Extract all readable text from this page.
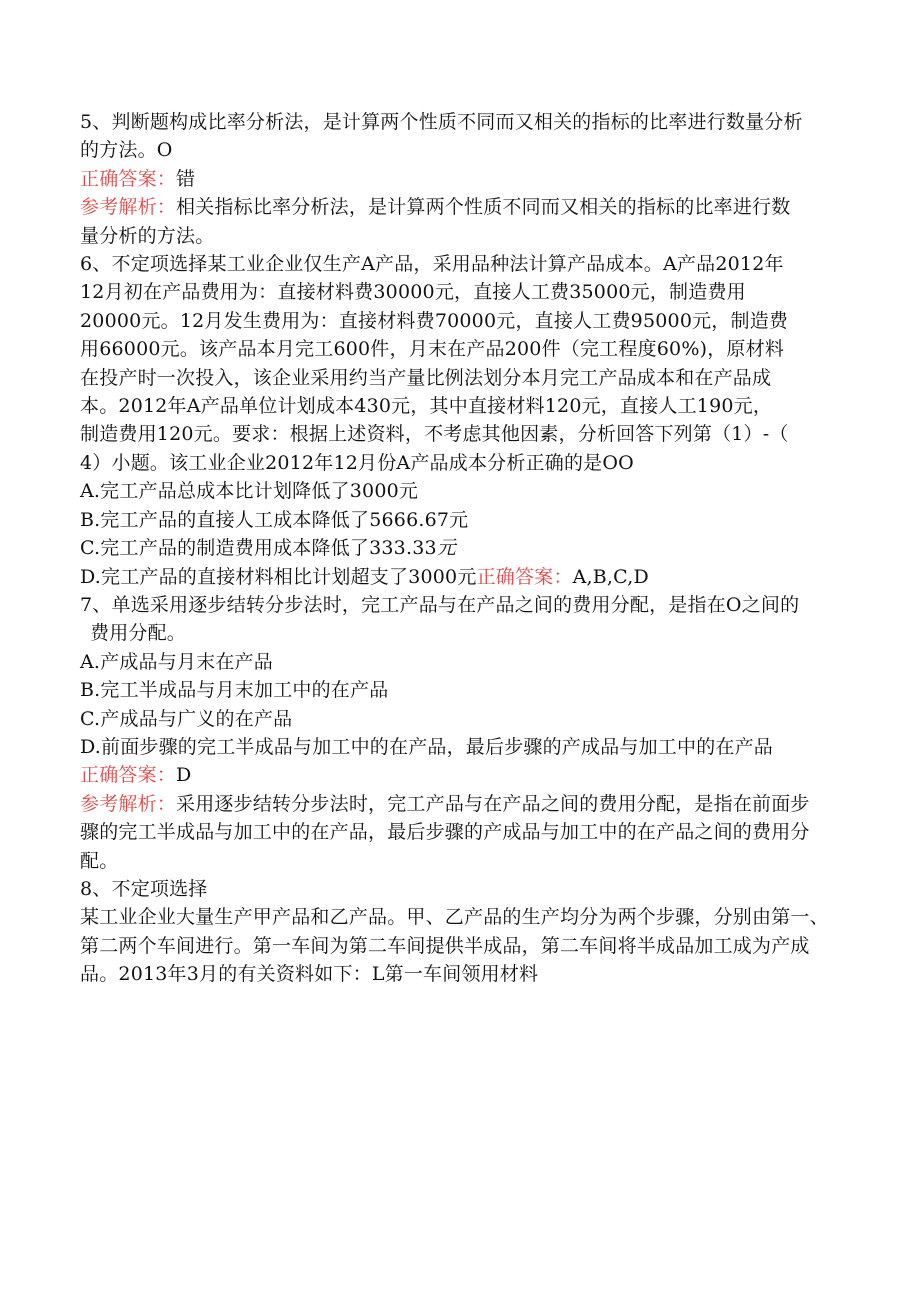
5、判断题构成比率分析法，是计算两个性质不同而又相关的指标的比率进行数量分析
的方法。O
正确答案：错
参考解析：相关指标比率分析法，是计算两个性质不同而又相关的指标的比率进行数
量分析的方法。
6、不定项选择某工业企业仅生产A产品，采用品种法计算产品成本。A产品2012年
12月初在产品费用为：直接材料费30000元，直接人工费35000元，制造费用
20000元。12月发生费用为：直接材料费70000元，直接人工费95000元，制造费
用66000元。该产品本月完工600件，月末在产品200件（完工程度60%)，原材料
在投产时一次投入，该企业采用约当产量比例法划分本月完工产品成本和在产品成
本。2012年A产品单位计划成本430元，其中直接材料120元，直接人工190元，
制造费用120元。要求：根据上述资料，不考虑其他因素，分析回答下列第（1）-（
4）小题。该工业企业2012年12月份A产品成本分析正确的是OO
A.完工产品总成本比计划降低了3000元
B.完工产品的直接人工成本降低了5666.67元
C.完工产品的制造费用成本降低了333.33元
D.完工产品的直接材料相比计划超支了3000元正确答案：A,B,C,D
7、单选采用逐步结转分步法时，完工产品与在产品之间的费用分配，是指在O之间的
费用分配。
A.产成品与月末在产品
B.完工半成品与月末加工中的在产品
C.产成品与广义的在产品
D.前面步骤的完工半成品与加工中的在产品，最后步骤的产成品与加工中的在产品
正确答案：D
参考解析：采用逐步结转分步法时，完工产品与在产品之间的费用分配，是指在前面步
骤的完工半成品与加工中的在产品，最后步骤的产成品与加工中的在产品之间的费用分
配。
8、不定项选择
某工业企业大量生产甲产品和乙产品。甲、乙产品的生产均分为两个步骤，分别由第一、
第二两个车间进行。第一车间为第二车间提供半成品，第二车间将半成品加工成为产成
品。2013年3月的有关资料如下：L第一车间领用材料
